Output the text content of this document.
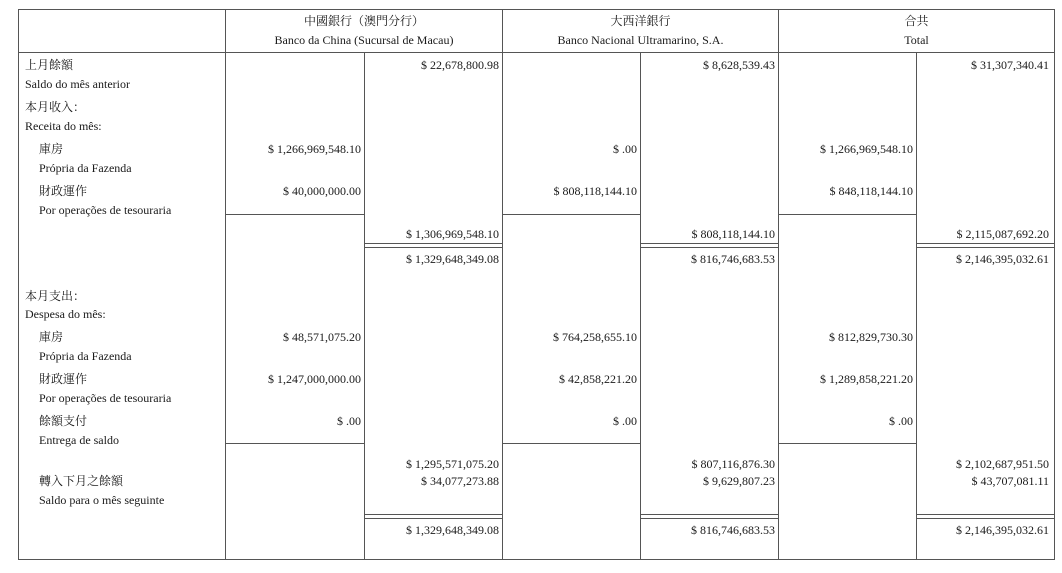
中國銀行（澳門分行）
Banco da China (Sucursal de Macau)
大西洋銀行
Banco Nacional Ultramarino, S.A.
合共
Total
上月餘額
Saldo do mês anterior
本月收入：
Receita do mês:
庫房
Própria da Fazenda
財政運作
Por operações de tesouraria
本月支出：
Despesa do mês:
庫房
Própria da Fazenda
財政運作
Por operações de tesouraria
餘額支付
Entrega de saldo
轉入下月之餘額
Saldo para o mês seguinte
$ 22,678,800.98
$ 1,266,969,548.10
$ 40,000,000.00
$ 1,306,969,548.10
$ 1,329,648,349.08
$ 48,571,075.20
$ 1,247,000,000.00
$ .00
$ 1,295,571,075.20
$ 34,077,273.88
$ 1,329,648,349.08
$ 8,628,539.43
$ .00
$ 808,118,144.10
$ 808,118,144.10
$ 816,746,683.53
$ 764,258,655.10
$ 42,858,221.20
$ .00
$ 807,116,876.30
$ 9,629,807.23
$ 816,746,683.53
$ 31,307,340.41
$ 1,266,969,548.10
$ 848,118,144.10
$ 2,115,087,692.20
$ 2,146,395,032.61
$ 812,829,730.30
$ 1,289,858,221.20
$ .00
$ 2,102,687,951.50
$ 43,707,081.11
$ 2,146,395,032.61
